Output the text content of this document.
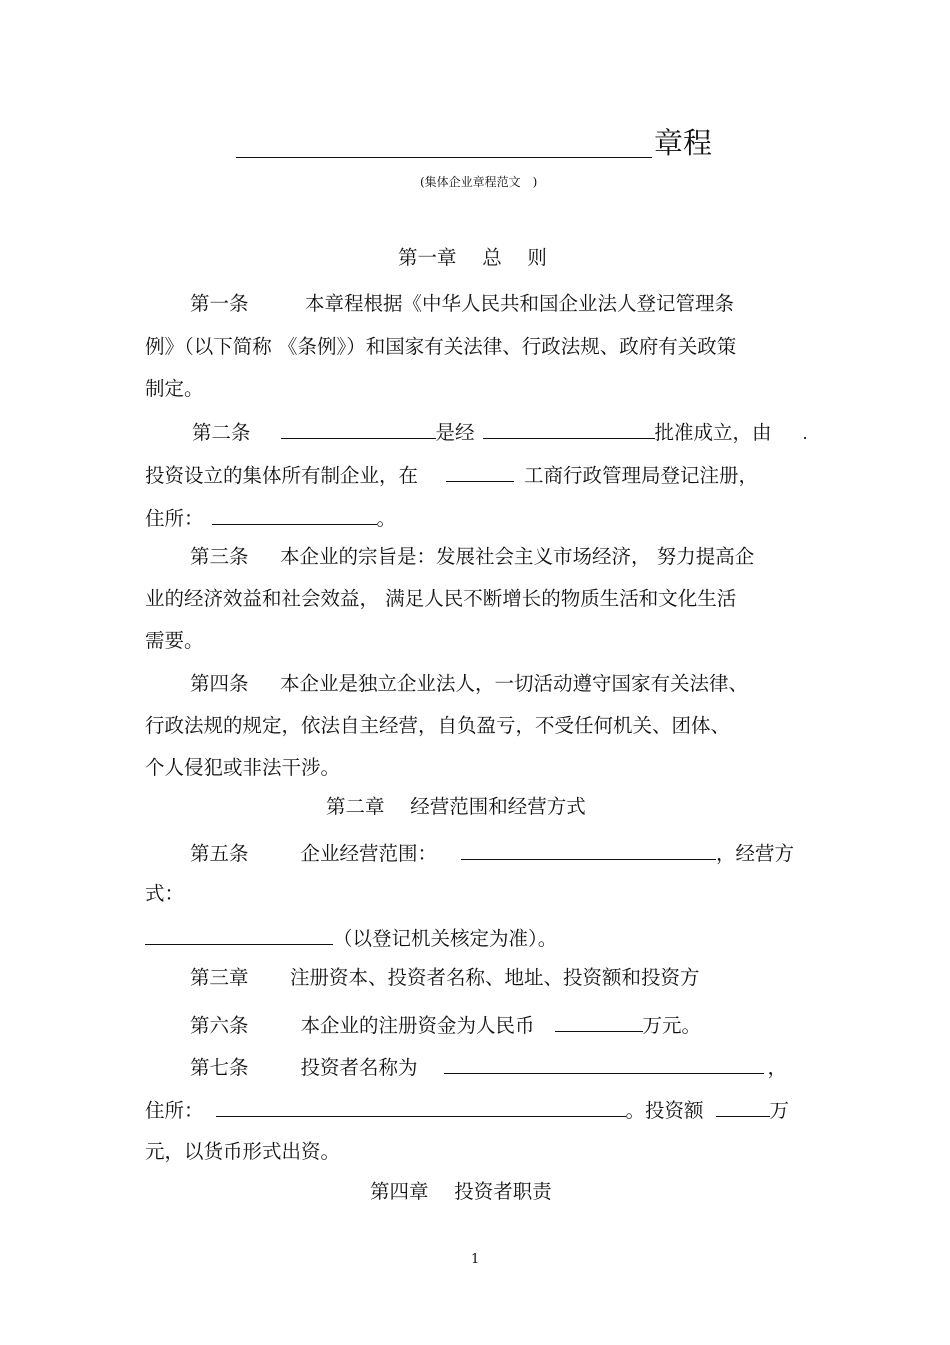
章程
(集体企业章程范文　)
第一章　 总　 则
第一条	本章程根据《中华人民共和国企业法人登记管理条
例》（以下简称 《条例》）和国家有关法律、行政法规、政府有关政策
制定。
第二条	是经	批准成立，由
投资设立的集体所有制企业，在	工商行政管理局登记注册，
住所：	。
第三条 本企业的宗旨是：发展社会主义市场经济， 努力提高企
业的经济效益和社会效益， 满足人民不断增长的物质生活和文化生活
需要。
第四条 本企业是独立企业法人，一切活动遵守国家有关法律、
行政法规的规定，依法自主经营，自负盈亏，不受任何机关、团体、
个人侵犯或非法干涉。
第二章　 经营范围和经营方式
第五条	企业经营范围：	，经营方
式：
（以登记机关核定为准）。
第三章 注册资本、投资者名称、地址、投资额和投资方
第六条	本企业的注册资金为人民币	万元。
第七条	投资者名称为	，
住所：	。投资额	万
元，以货币形式出资。
第四章　 投资者职责
1
